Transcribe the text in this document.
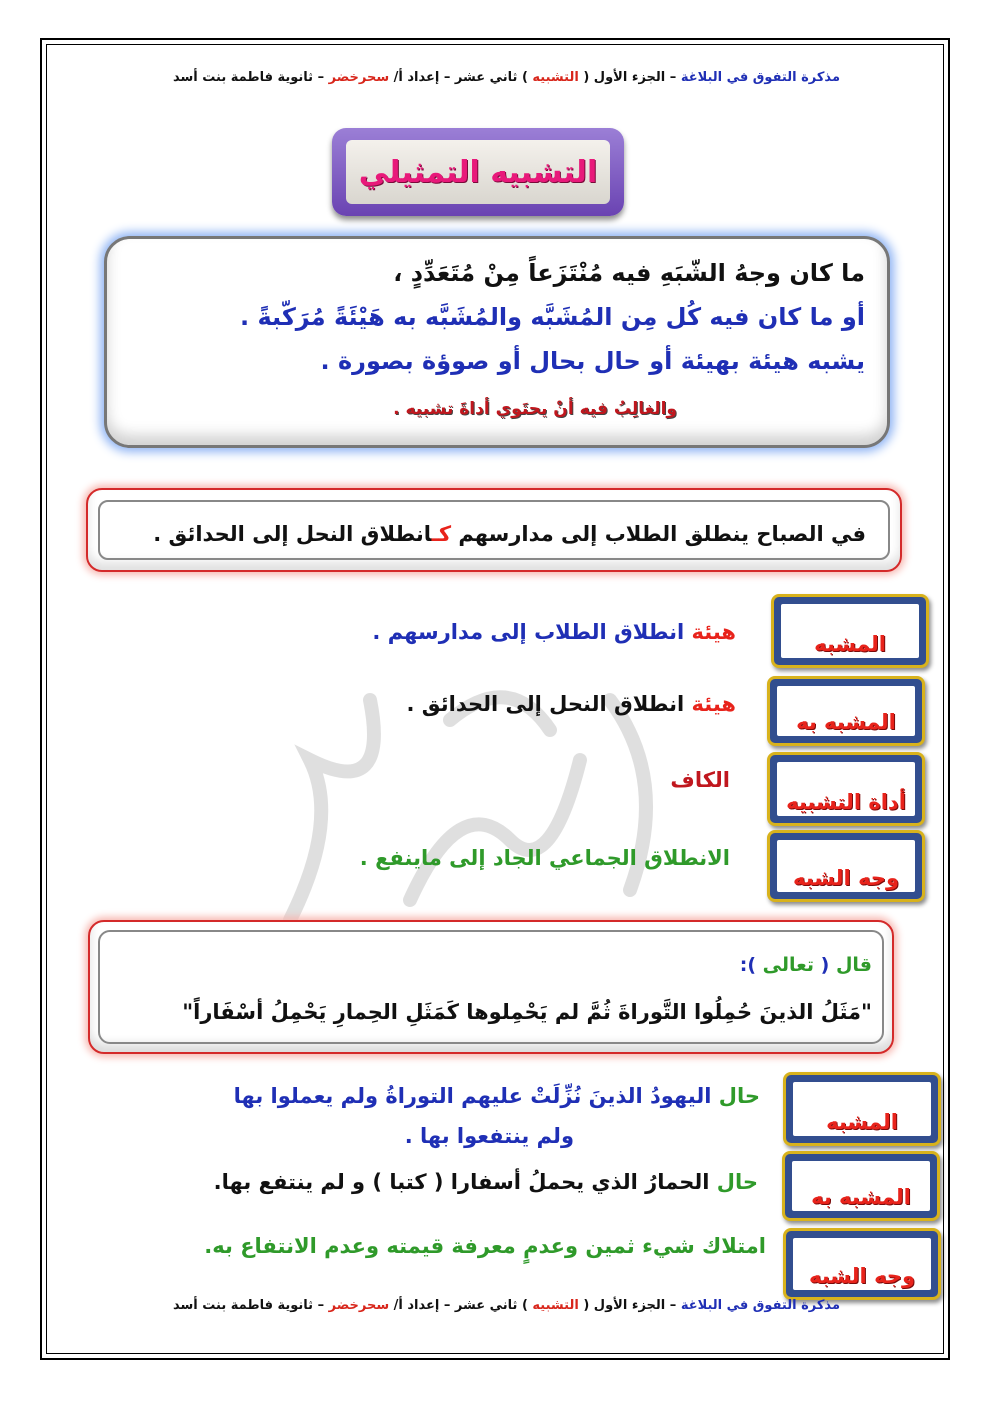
مذكرة التفوق في البلاغة – الجزء الأول ( التشبيه ) ثاني عشر – إعداد أ/ سحرخضر – ثانوية فاطمة بنت أسد
التشبيه التمثيلي
ما كان وجهُ الشّبَهِ فيه مُنْتَزَعاً مِنْ مُتَعَدِّدٍ ،
أو ما كان فيه كُل مِن المُشَبَّه والمُشَبَّه به هَيْئَةً مُرَكّبةً .
يشبه هيئة بهيئة أو حال بحال أو صوؤة بصورة .
والغالِبُ فيه أنْ يحتَوي أداةَ تشبيه .
في الصباح ينطلق الطلاب إلى مدارسهم كـانطلاق النحل إلى الحدائق .
المشبه
المشبه به
أداة التشبيه
وجه الشبه
هيئة انطلاق الطلاب إلى مدارسهم .
هيئة انطلاق النحل إلى الحدائق .
الكاف
الانطلاق الجماعي الجاد إلى ماينفع .
قال ( تعالى ):
"مَثَلُ الذينَ حُمِلُوا التَّوراةَ ثُمَّ لم يَحْمِلوها كَمَثَلِ الحِمارِ يَحْمِلُ أسْفَاراً"
المشبه
المشبه به
وجه الشبه
حال اليهودُ الذينَ نُزِّلَتْ عليهم التوراةُ ولم يعملوا بها
ولم ينتفعوا بها .
حال الحمارُ الذي يحملُ أسفارا ( كتبا ) و لم ينتفع بها.
امتلاك شيء ثمين وعدمٍ معرفة قيمته وعدم الانتفاع به.
مذكرة التفوق في البلاغة – الجزء الأول ( التشبيه ) ثاني عشر – إعداد أ/ سحرخضر – ثانوية فاطمة بنت أسد
